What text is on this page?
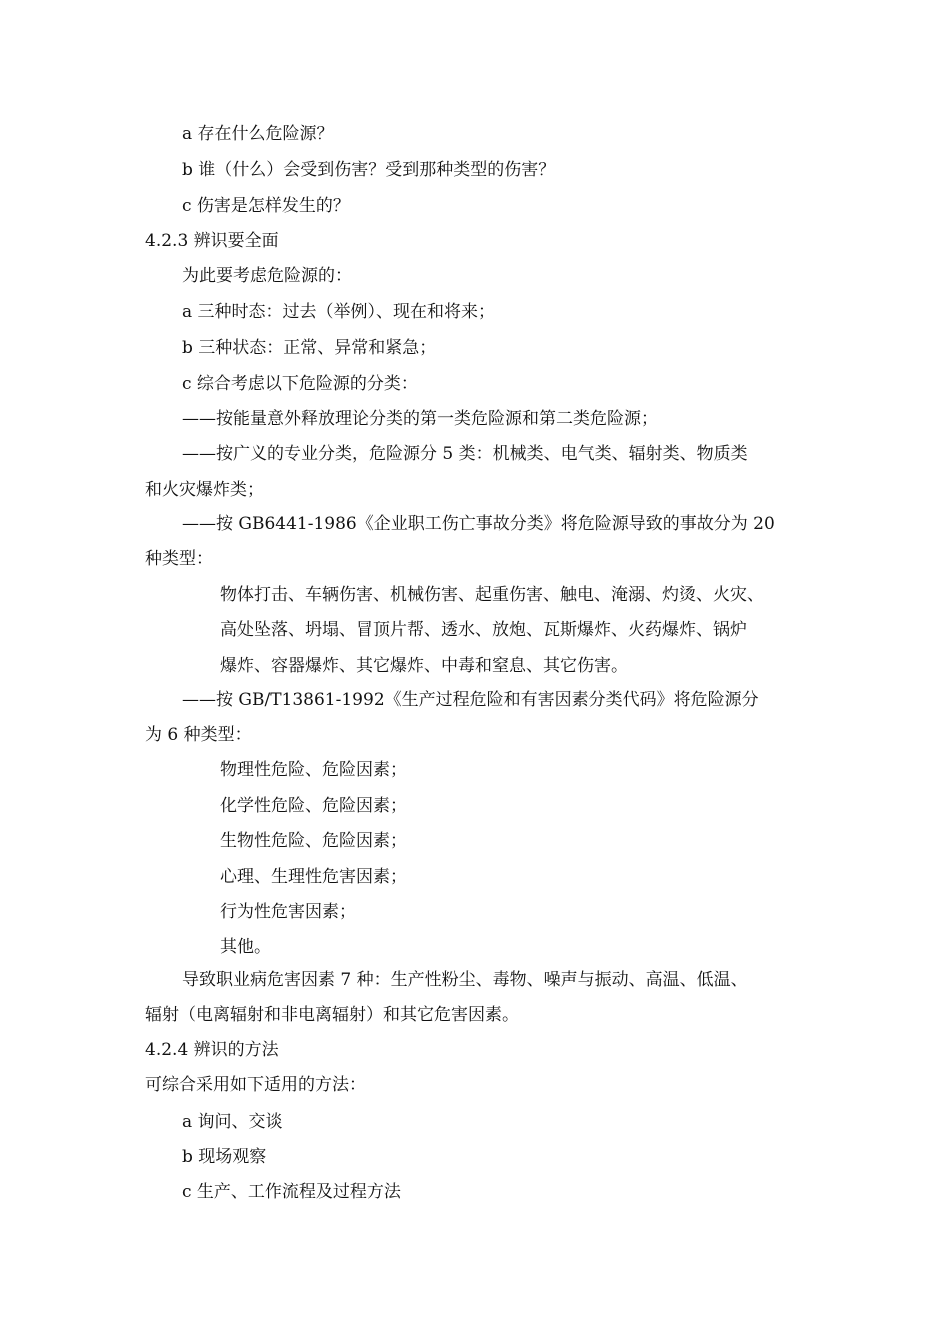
a 存在什么危险源？
b 谁（什么）会受到伤害？受到那种类型的伤害？
c 伤害是怎样发生的？
4.2.3 辨识要全面
为此要考虑危险源的：
a 三种时态：过去（举例）、现在和将来；
b 三种状态：正常、异常和紧急；
c 综合考虑以下危险源的分类：
——按能量意外释放理论分类的第一类危险源和第二类危险源；
——按广义的专业分类，危险源分 5 类：机械类、电气类、辐射类、物质类
和火灾爆炸类；
——按 GB6441-1986《企业职工伤亡事故分类》将危险源导致的事故分为 20
种类型：
物体打击、车辆伤害、机械伤害、起重伤害、触电、淹溺、灼烫、火灾、
高处坠落、坍塌、冒顶片帮、透水、放炮、瓦斯爆炸、火药爆炸、锅炉
爆炸、容器爆炸、其它爆炸、中毒和窒息、其它伤害。
——按 GB/T13861-1992《生产过程危险和有害因素分类代码》将危险源分
为 6 种类型：
物理性危险、危险因素；
化学性危险、危险因素；
生物性危险、危险因素；
心理、生理性危害因素；
行为性危害因素；
其他。
导致职业病危害因素 7 种：生产性粉尘、毒物、噪声与振动、高温、低温、
辐射（电离辐射和非电离辐射）和其它危害因素。
4.2.4 辨识的方法
可综合采用如下适用的方法：
a 询问、交谈
b 现场观察
c 生产、工作流程及过程方法
